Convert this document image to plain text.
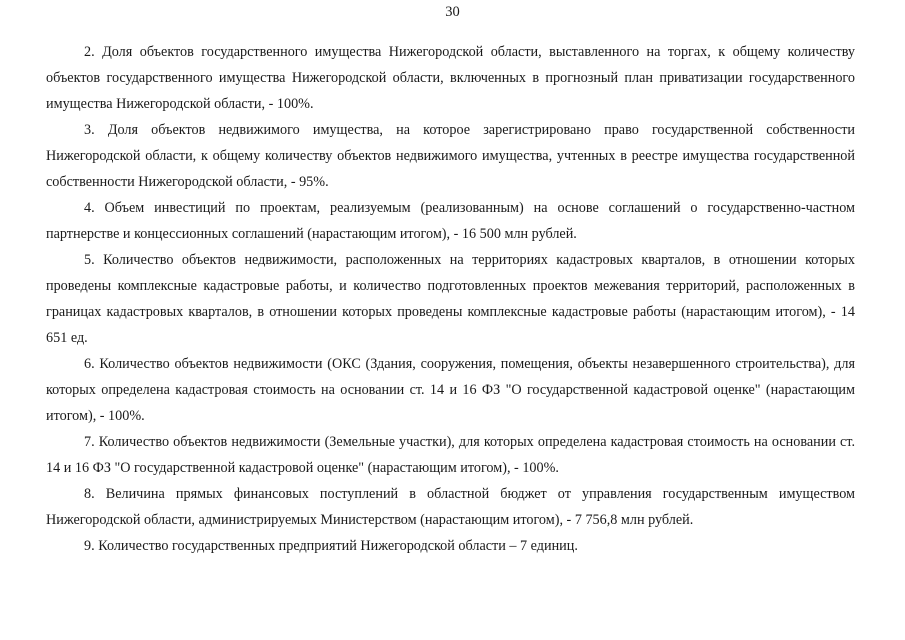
30

2. Доля объектов государственного имущества Нижегородской области, выставленного на торгах, к общему количеству объектов государственного имущества Нижегородской области, включенных в прогнозный план приватизации государственного имущества Нижегородской области, - 100%.

3. Доля объектов недвижимого имущества, на которое зарегистрировано право государственной собственности Нижегородской области, к общему количеству объектов недвижимого имущества, учтенных в реестре имущества государственной собственности Нижегородской области, - 95%.

4. Объем инвестиций по проектам, реализуемым (реализованным) на основе соглашений о государственно-частном партнерстве и концессионных соглашений (нарастающим итогом), - 16 500 млн рублей.

5. Количество объектов недвижимости, расположенных на территориях кадастровых кварталов, в отношении которых проведены комплексные кадастровые работы, и количество подготовленных проектов межевания территорий, расположенных в границах кадастровых кварталов, в отношении которых проведены комплексные кадастровые работы (нарастающим итогом), - 14 651 ед.

6. Количество объектов недвижимости (ОКС (Здания, сооружения, помещения, объекты незавершенного строительства), для которых определена кадастровая стоимость на основании ст. 14 и 16 ФЗ "О государственной кадастровой оценке" (нарастающим итогом), - 100%.

7. Количество объектов недвижимости (Земельные участки), для которых определена кадастровая стоимость на основании ст. 14 и 16 ФЗ "О государственной кадастровой оценке" (нарастающим итогом), - 100%.

8. Величина прямых финансовых поступлений в областной бюджет от управления государственным имуществом Нижегородской области, администрируемых Министерством (нарастающим итогом), - 7 756,8 млн рублей.

9. Количество государственных предприятий Нижегородской области – 7 единиц.
